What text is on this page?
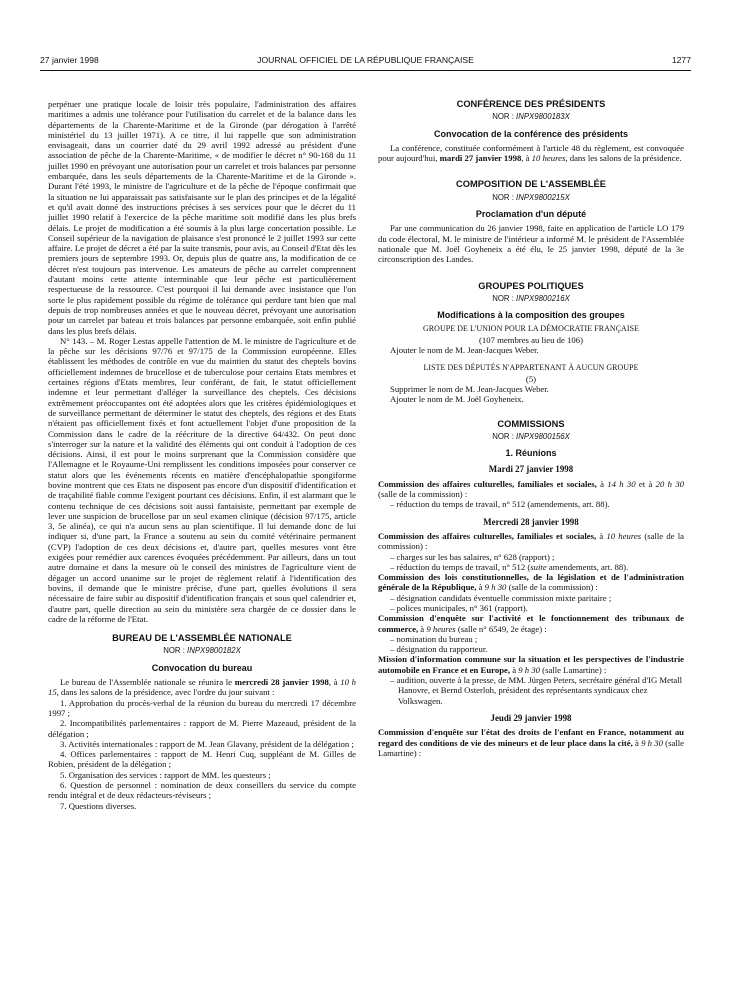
27 janvier 1998	JOURNAL OFFICIEL DE LA RÉPUBLIQUE FRANÇAISE	1277

perpétuer une pratique locale de loisir très populaire, l'administration des affaires maritimes a admis une tolérance pour l'utilisation du carrelet et de la balance dans les départements de la Charente-Maritime et de la Gironde (par dérogation à l'arrêté ministériel du 13 juillet 1971). A ce titre, il lui rappelle que son administration envisageait, dans un courrier daté du 29 avril 1992 adressé au président d'une association de pêche de la Charente-Maritime, « de modifier le décret n° 90-168 du 11 juillet 1990 en prévoyant une autorisation pour un carrelet et trois balances par personne embarquée, dans les seuls départements de la Charente-Maritime et de la Gironde ». Durant l'été 1993, le ministre de l'agriculture et de la pêche de l'époque confirmait que la situation ne lui apparaissait pas satisfaisante sur le plan des principes et de la légalité et qu'il avait donné des instructions précises à ses services pour que le décret du 11 juillet 1990 relatif à l'exercice de la pêche maritime soit modifié dans les plus brefs délais. Le projet de modification a été soumis à la plus large concertation possible. Le Conseil supérieur de la navigation de plaisance s'est prononcé le 2 juillet 1993 sur cette affaire. Le projet de décret a été par la suite transmis, pour avis, au Conseil d'Etat dès les premiers jours de septembre 1993. Or, depuis plus de quatre ans, la modification de ce décret n'est toujours pas intervenue. Les amateurs de pêche au carrelet comprennent d'autant moins cette attente interminable que leur pêche est particulièrement respectueuse de la ressource. C'est pourquoi il lui demande avec insistance que l'on sorte le plus rapidement possible du régime de tolérance qui perdure tant bien que mal depuis de trop nombreuses années et que le nouveau décret, prévoyant une autorisation pour un carrelet par bateau et trois balances par personne embarquée, soit enfin publié dans les plus brefs délais.

N° 143. – M. Roger Lestas appelle l'attention de M. le ministre de l'agriculture et de la pêche sur les décisions 97/76 et 97/175 de la Commission européenne. Elles établissent les méthodes de contrôle en vue du maintien du statut des cheptels bovins officiellement indemnes de brucellose et de tuberculose pour certains Etats membres et certaines régions d'Etats membres, leur conférant, de fait, le statut officiellement indemne et leur permettant d'alléger la surveillance des cheptels. Ces décisions extrêmement préoccupantes ont été adoptées alors que les critères épidémiologiques et de surveillance permettant de déterminer le statut des cheptels, des régions et des Etats n'étaient pas officiellement fixés et font actuellement l'objet d'une proposition de la Commission dans le cadre de la réécriture de la directive 64/432. On peut donc s'interroger sur la nature et la validité des éléments qui ont conduit à l'adoption de ces décisions. Ainsi, il est pour le moins surprenant que la Commission considère que l'Allemagne et le Royaume-Uni remplissent les conditions imposées pour conserver ce statut alors que les événements récents en matière d'encéphalopathie spongiforme bovine montrent que ces Etats ne disposent pas encore d'un dispositif d'identification et de traçabilité fiable comme l'exigent pourtant ces décisions. Enfin, il est alarmant que le contenu technique de ces décisions soit aussi fantaisiste, permettant par exemple de lever une suspicion de brucellose par un seul examen clinique (décision 97/175, article 3, 5e alinéa), ce qui n'a aucun sens au plan scientifique. Il lui demande donc de lui indiquer si, d'une part, la France a soutenu au sein du comité vétérinaire permanent (CVP) l'adoption de ces deux décisions et, d'autre part, quelles mesures vont être exigées pour remédier aux carences évoquées précédemment. Par ailleurs, dans un tout autre domaine et dans la mesure où le conseil des ministres de l'agriculture vient de dégager un accord unanime sur le projet de règlement relatif à l'identification des bovins, il demande que le ministre précise, d'une part, quelles évolutions il sera nécessaire de faire subir au dispositif d'identification français et sous quel calendrier et, d'autre part, quelle direction au sein du ministère sera chargée de ce dossier dans le cadre de la réforme de l'Etat.

BUREAU DE L'ASSEMBLÉE NATIONALE
NOR : INPX9800182X
Convocation du bureau

Le bureau de l'Assemblée nationale se réunira le mercredi 28 janvier 1998, à 10 h 15, dans les salons de la présidence, avec l'ordre du jour suivant :

1. Approbation du procès-verbal de la réunion du bureau du mercredi 17 décembre 1997 ;

2. Incompatibilités parlementaires : rapport de M. Pierre Mazeaud, président de la délégation ;

3. Activités internationales : rapport de M. Jean Glavany, président de la délégation ;

4. Offices parlementaires : rapport de M. Henri Cuq, suppléant de M. Gilles de Robien, président de la délégation ;

5. Organisation des services : rapport de MM. les questeurs ;

6. Question de personnel : nomination de deux conseillers du service du compte rendu intégral et de deux rédacteurs-réviseurs ;

7. Questions diverses.

CONFÉRENCE DES PRÉSIDENTS
NOR : INPX9800183X
Convocation de la conférence des présidents

La conférence, constituée conformément à l'article 48 du règlement, est convoquée pour aujourd'hui, mardi 27 janvier 1998, à 10 heures, dans les salons de la présidence.

COMPOSITION DE L'ASSEMBLÉE
NOR : INPX9800215X
Proclamation d'un député

Par une communication du 26 janvier 1998, faite en application de l'article LO 179 du code électoral, M. le ministre de l'intérieur a informé M. le président de l'Assemblée nationale que M. Joël Goyheneix a été élu, le 25 janvier 1998, député de la 3e circonscription des Landes.

GROUPES POLITIQUES
NOR : INPX9800216X
Modifications à la composition des groupes
GROUPE DE L'UNION POUR LA DÉMOCRATIE FRANÇAISE
(107 membres au lieu de 106)

Ajouter le nom de M. Jean-Jacques Weber.

LISTE DES DÉPUTÉS N'APPARTENANT À AUCUN GROUPE
(5)

Supprimer le nom de M. Jean-Jacques Weber.

Ajouter le nom de M. Joël Goyheneix.

COMMISSIONS
NOR : INPX9800156X
1. Réunions
Mardi 27 janvier 1998

Commission des affaires culturelles, familiales et sociales, à 14 h 30 et à 20 h 30 (salle de la commission) :

– réduction du temps de travail, n° 512 (amendements, art. 88).

Mercredi 28 janvier 1998

Commission des affaires culturelles, familiales et sociales, à 10 heures (salle de la commission) :

– charges sur les bas salaires, n° 628 (rapport) ;

– réduction du temps de travail, n° 512 (suite amendements, art. 88).

Commission des lois constitutionnelles, de la législation et de l'administration générale de la République, à 9 h 30 (salle de la commission) :

– désignation candidats éventuelle commission mixte paritaire ;

– polices municipales, n° 361 (rapport).

Commission d'enquête sur l'activité et le fonctionnement des tribunaux de commerce, à 9 heures (salle n° 6549, 2e étage) :

– nomination du bureau ;

– désignation du rapporteur.

Mission d'information commune sur la situation et les perspectives de l'industrie automobile en France et en Europe, à 9 h 30 (salle Lamartine) :

– audition, ouverte à la presse, de MM. Jürgen Peters, secrétaire général d'IG Metall Hanovre, et Bernd Osterloh, président des représentants syndicaux chez Volkswagen.

Jeudi 29 janvier 1998

Commission d'enquête sur l'état des droits de l'enfant en France, notamment au regard des conditions de vie des mineurs et de leur place dans la cité, à 9 h 30 (salle Lamartine) :
